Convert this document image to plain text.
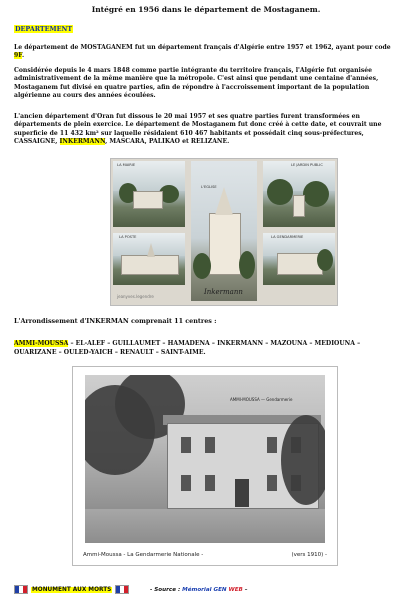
Intégré en 1956 dans le département de Mostaganem.
DEPARTEMENT
Le département de MOSTAGANEM fut un département français d'Algérie entre 1957 et 1962, ayant pour code 9F.
Considérée depuis le 4 mars 1848 comme partie intégrante du territoire français, l'Algérie fut organisée administrativement de la même manière que la métropole. C'est ainsi que pendant une centaine d'années, Mostaganem fut divisé en quatre parties, afin de répondre à l'accroissement important de la population algérienne au cours des années écoulées.
L'ancien département d'Oran fut dissous le 20 mai 1957 et ses quatre parties furent transformées en départements de plein exercice. Le département de Mostaganem fut donc créé à cette date, et couvrait une superficie de 11 432 km² sur laquelle résidaient 610 467 habitants et possédait cinq sous-préfectures, CASSAIGNE, INKERMANN, MASCARA, PALIKAO et RELIZANE.
LA MAIRIE
L'EGLISE
LE JARDIN PUBLIC
LA POSTE	LA GENDARMERIE
jeanyves.legendre
Inkermann
L'Arrondissement d'INKERMAN comprenait 11 centres :
AMMI-MOUSSA – EL-ALEF – GUILLAUMET – HAMADENA – INKERMANN – MAZOUNA – MEDIOUNA – OUARIZANE – OULED-YAICH – RENAULT – SAINT-AIME.
AMMI-MOUSSA — Gendarmerie
Ammi-Moussa - La Gendarmerie Nationale -	(vers 1910) -
MONUMENT AUX MORTS	- Source : Mémorial GEN WEB –
